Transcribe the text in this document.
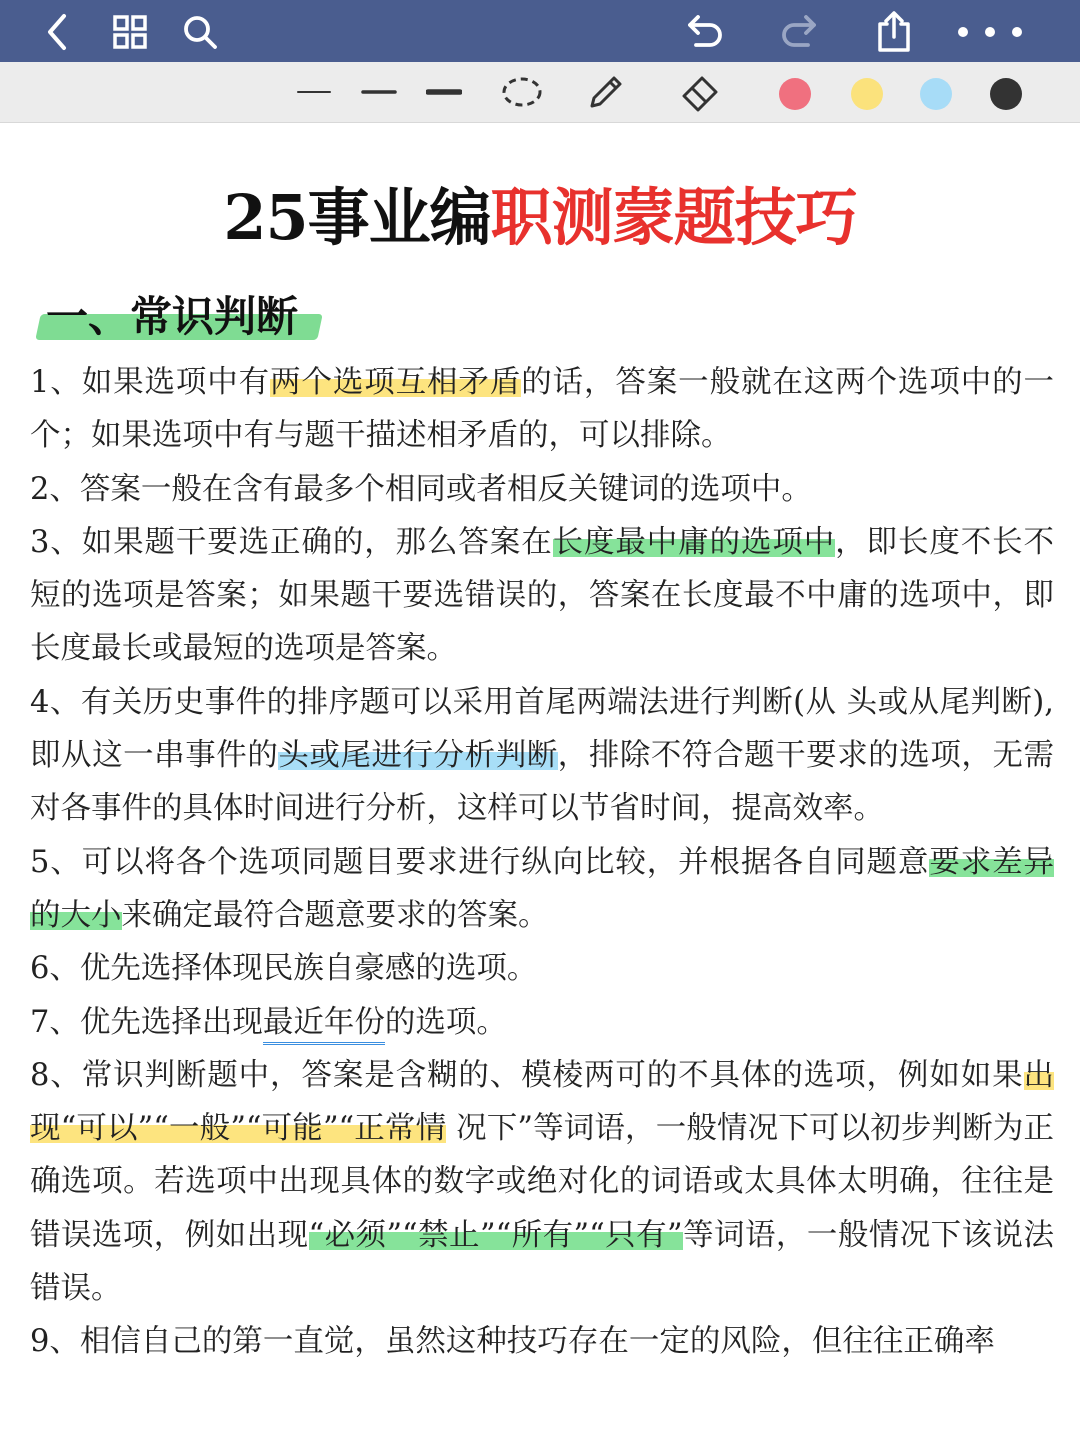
25事业编职测蒙题技巧
一、常识判断
1、如果选项中有两个选项互相矛盾的话，答案一般就在这两个选项中的一个；如果选项中有与题干描述相矛盾的，可以排除。
2、答案一般在含有最多个相同或者相反关键词的选项中。
3、如果题干要选正确的，那么答案在长度最中庸的选项中，即长度不长不短的选项是答案；如果题干要选错误的，答案在长度最不中庸的选项中，即长度最长或最短的选项是答案。
4、有关历史事件的排序题可以采用首尾两端法进行判断(从 头或从尾判断),即从这一串事件的头或尾进行分析判断，排除不符合题干要求的选项，无需对各事件的具体时间进行分析，这样可以节省时间，提高效率。
5、可以将各个选项同题目要求进行纵向比较，并根据各自同题意要求差异的大小来确定最符合题意要求的答案。
6、优先选择体现民族自豪感的选项。
7、优先选择出现最近年份的选项。
8、常识判断题中，答案是含糊的、模棱两可的不具体的选项，例如如果出现“可以”“一般”“可能”“正常情 况下”等词语，一般情况下可以初步判断为正确选项。若选项中出现具体的数字或绝对化的词语或太具体太明确，往往是错误选项，例如出现“必须”“禁止”“所有”“只有”等词语，一般情况下该说法错误。
9、相信自己的第一直觉，虽然这种技巧存在一定的风险，但往往正确率
